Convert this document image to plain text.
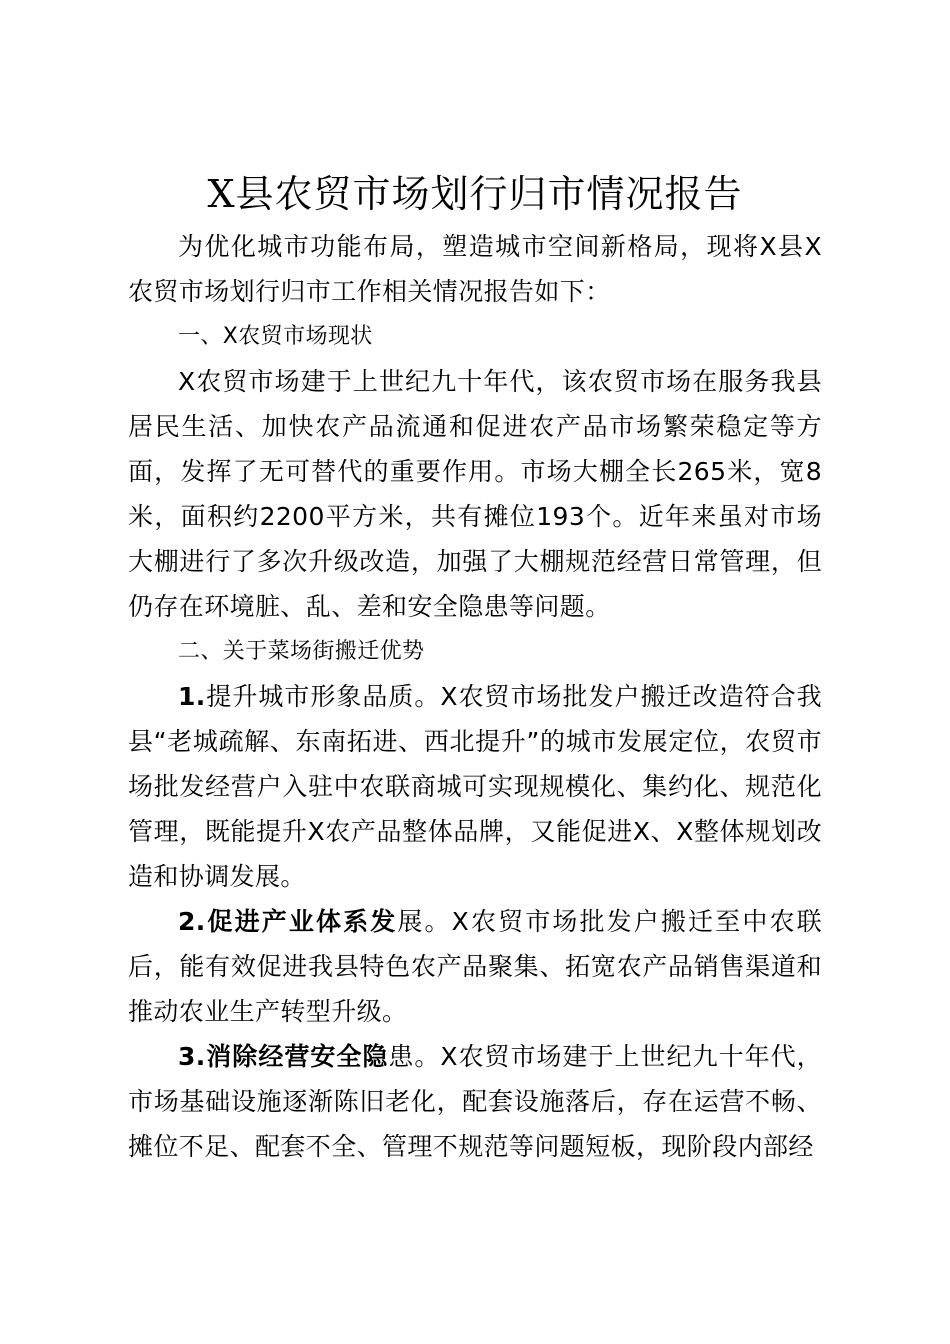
X县农贸市场划行归市情况报告

为优化城市功能布局，塑造城市空间新格局，现将X县X农贸市场划行归市工作相关情况报告如下：

一、X农贸市场现状

X农贸市场建于上世纪九十年代，该农贸市场在服务我县居民生活、加快农产品流通和促进农产品市场繁荣稳定等方面，发挥了无可替代的重要作用。市场大棚全长265米，宽8米，面积约2200平方米，共有摊位193个。近年来虽对市场大棚进行了多次升级改造，加强了大棚规范经营日常管理，但仍存在环境脏、乱、差和安全隐患等问题。

二、关于菜场街搬迁优势

1.提升城市形象品质。X农贸市场批发户搬迁改造符合我县“老城疏解、东南拓进、西北提升”的城市发展定位，农贸市场批发经营户入驻中农联商城可实现规模化、集约化、规范化管理，既能提升X农产品整体品牌，又能促进X、X整体规划改造和协调发展。

2.促进产业体系发展。X农贸市场批发户搬迁至中农联后，能有效促进我县特色农产品聚集、拓宽农产品销售渠道和推动农业生产转型升级。

3.消除经营安全隐患。X农贸市场建于上世纪九十年代，市场基础设施逐渐陈旧老化，配套设施落后，存在运营不畅、摊位不足、配套不全、管理不规范等问题短板，现阶段内部经
